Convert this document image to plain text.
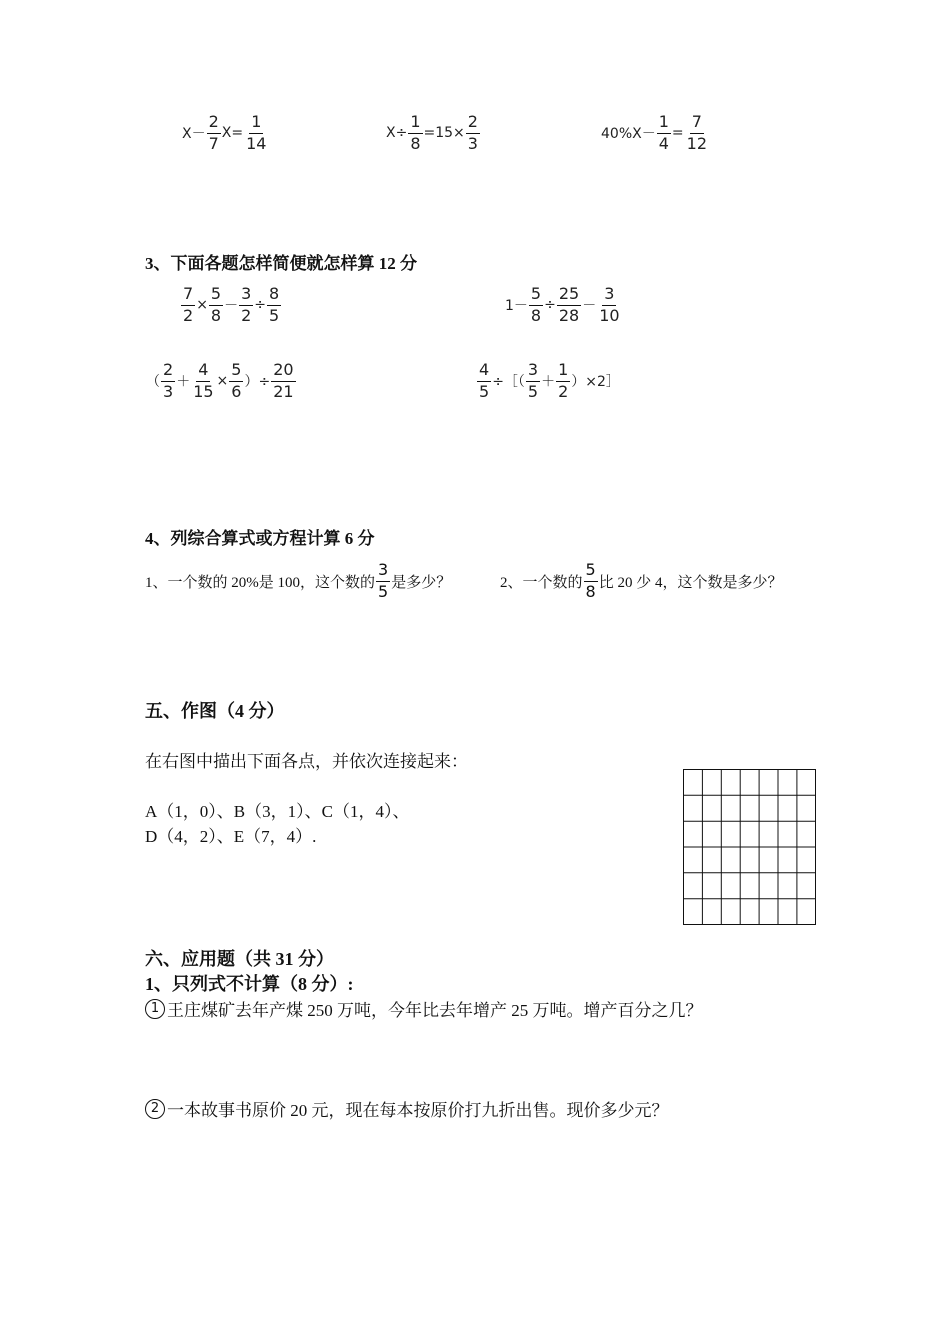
$X- \frac{2}{7} X= \frac{1}{14}$	$X\div \frac{1}{8} =15\times \frac{2}{3}$	$40\%X- \frac{1}{4} = \frac{7}{12}$
3、下面各题怎样简便就怎样算 12 分
$\frac{7}{2} \times \frac{5}{8} - \frac{3}{2} \div \frac{8}{5}$	$1- \frac{5}{8} \div \frac{25}{28} - \frac{3}{10}$
（ $\frac{2}{3} + \frac{4}{15} \times \frac{5}{6}$ ）÷ $\frac{20}{21}$	$\frac{4}{5}$ ÷［（ $\frac{3}{5} + \frac{1}{2}$ ）×2］
4、列综合算式或方程计算 6 分
1、一个数的 20%是 100，这个数的 $\frac{3}{5}$ 是多少？	2、一个数的 $\frac{5}{8}$ 比 20 少 4，这个数是多少？
五、作图（4 分）
在右图中描出下面各点，并依次连接起来：
A（1，0）、B（3，1）、C（1，4）、
D（4，2）、E（7，4）.
六、应用题（共 31 分）
1、只列式不计算（8 分）:
1 王庄煤矿去年产煤 250 万吨，今年比去年增产 25 万吨。增产百分之几？
2 一本故事书原价 20 元，现在每本按原价打九折出售。现价多少元？
